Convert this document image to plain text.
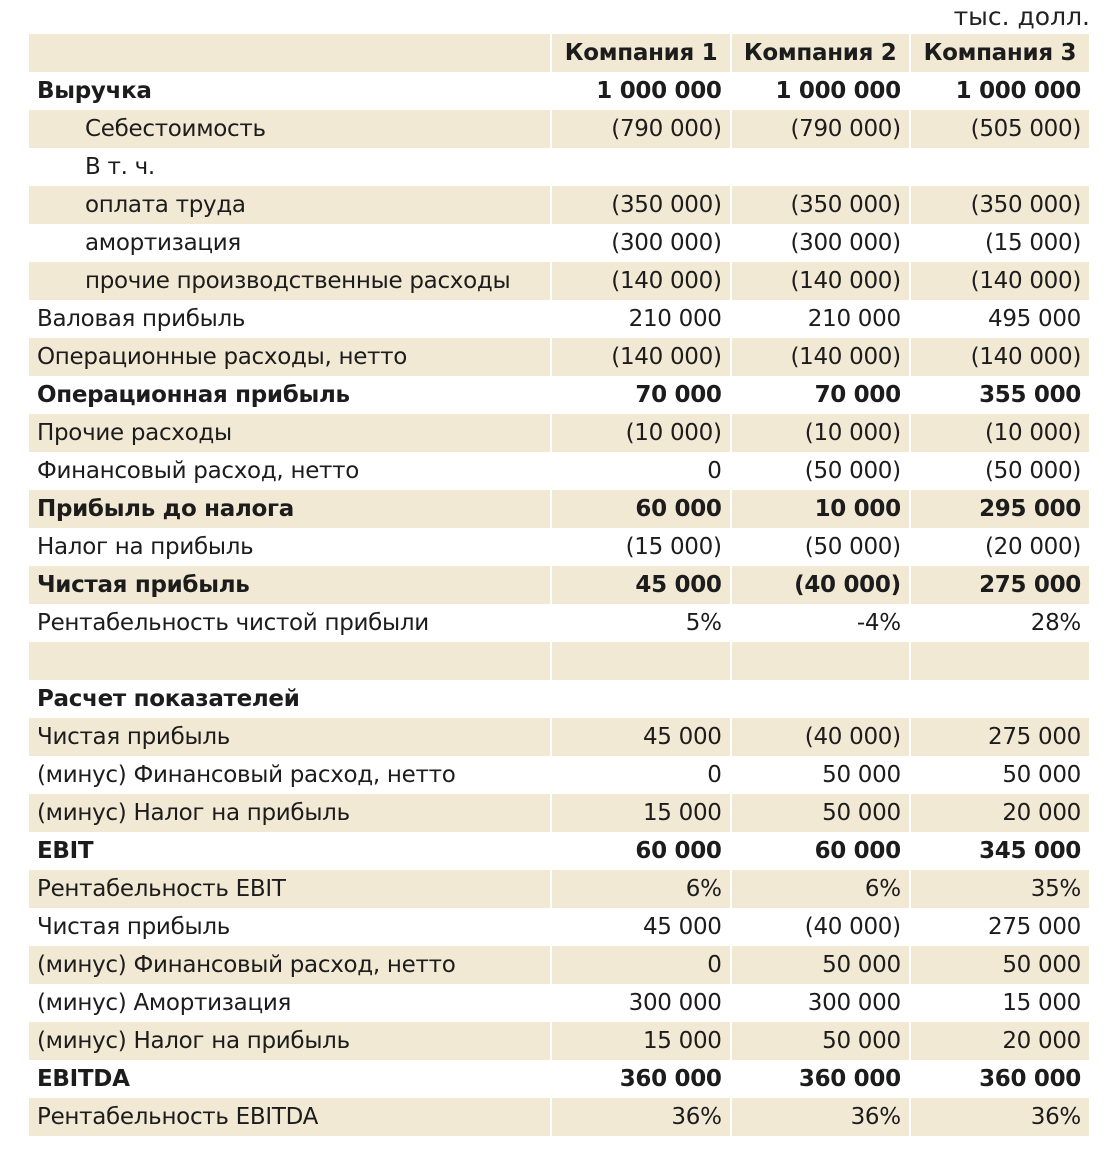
тыс. долл.
	Компания 1	Компания 2	Компания 3
Выручка	1 000 000	1 000 000	1 000 000
Себестоимость	(790 000)	(790 000)	(505 000)
В т. ч.			
оплата труда	(350 000)	(350 000)	(350 000)
амортизация	(300 000)	(300 000)	(15 000)
прочие производственные расходы	(140 000)	(140 000)	(140 000)
Валовая прибыль	210 000	210 000	495 000
Операционные расходы, нетто	(140 000)	(140 000)	(140 000)
Операционная прибыль	70 000	70 000	355 000
Прочие расходы	(10 000)	(10 000)	(10 000)
Финансовый расход, нетто	0	(50 000)	(50 000)
Прибыль до налога	60 000	10 000	295 000
Налог на прибыль	(15 000)	(50 000)	(20 000)
Чистая прибыль	45 000	(40 000)	275 000
Рентабельность чистой прибыли	5%	-4%	28%

Расчет показателей			
Чистая прибыль	45 000	(40 000)	275 000
(минус) Финансовый расход, нетто	0	50 000	50 000
(минус) Налог на прибыль	15 000	50 000	20 000
EBIT	60 000	60 000	345 000
Рентабельность EBIT	6%	6%	35%
Чистая прибыль	45 000	(40 000)	275 000
(минус) Финансовый расход, нетто	0	50 000	50 000
(минус) Амортизация	300 000	300 000	15 000
(минус) Налог на прибыль	15 000	50 000	20 000
EBITDA	360 000	360 000	360 000
Рентабельность EBITDA	36%	36%	36%
